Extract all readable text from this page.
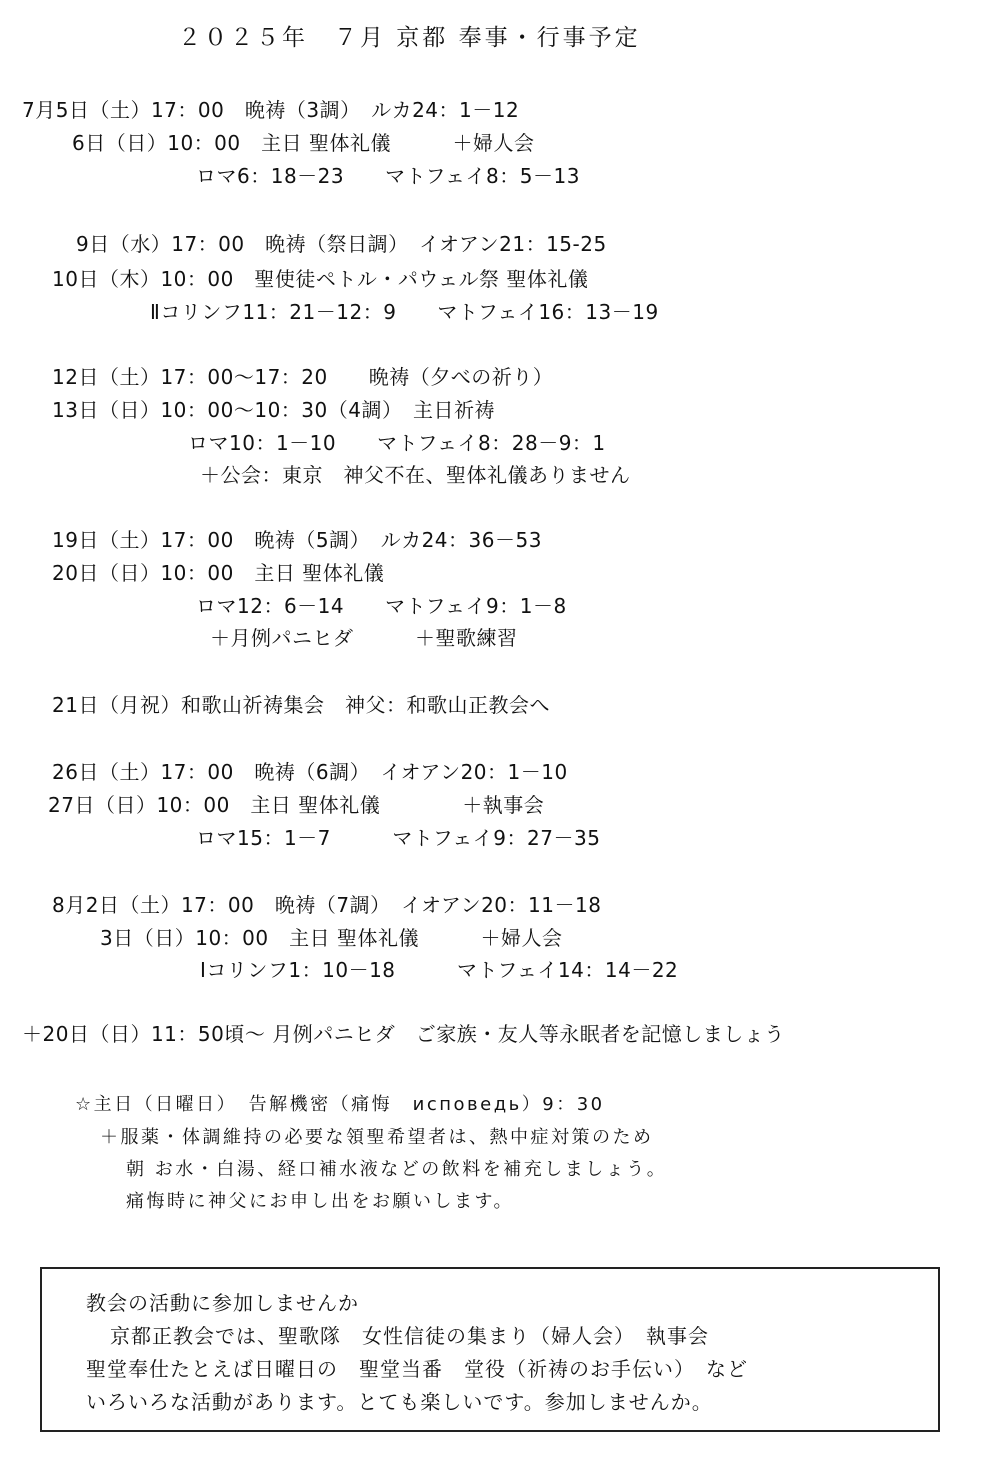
２０２５年　７月 京都 奉事・行事予定
7月5日（土）17：00　晩祷（3調）　ルカ24：1－12
6日（日）10：00　主日 聖体礼儀　　　＋婦人会
ロマ6：18－23　　マトフェイ8：5－13
9日（水）17：00　晩祷（祭日調）　イオアン21：15-25
10日（木）10：00　聖使徒ペトル・パウェル祭 聖体礼儀
Ⅱコリンフ11：21－12：9　　マトフェイ16：13－19
12日（土）17：00～17：20　　晩祷（夕べの祈り）
13日（日）10：00～10：30（4調）　主日祈祷
ロマ10：1－10　　マトフェイ8：28－9：1
＋公会：東京　神父不在、聖体礼儀ありません
19日（土）17：00　晩祷（5調）　ルカ24：36－53
20日（日）10：00　主日 聖体礼儀
ロマ12：6－14　　マトフェイ9：1－8
＋月例パニヒダ　　　＋聖歌練習
21日（月祝）和歌山祈祷集会　神父：和歌山正教会へ
26日（土）17：00　晩祷（6調）　イオアン20：1－10
27日（日）10：00　主日 聖体礼儀　　　　＋執事会
ロマ15：1－7　　　マトフェイ9：27－35
8月2日（土）17：00　晩祷（7調）　イオアン20：11－18
3日（日）10：00　主日 聖体礼儀　　　＋婦人会
Ⅰコリンフ1：10－18　　　マトフェイ14：14－22
＋20日（日）11：50頃～ 月例パニヒダ　ご家族・友人等永眠者を記憶しましょう
☆主日（日曜日）　告解機密（痛悔　исповедь）9：30
＋服薬・体調維持の必要な領聖希望者は、熱中症対策のため
朝 お水・白湯、経口補水液などの飲料を補充しましょう。
痛悔時に神父にお申し出をお願いします。
教会の活動に参加しませんか
京都正教会では、聖歌隊　女性信徒の集まり（婦人会）　執事会
聖堂奉仕たとえば日曜日の　聖堂当番　堂役（祈祷のお手伝い）　など
いろいろな活動があります。とても楽しいです。参加しませんか。
